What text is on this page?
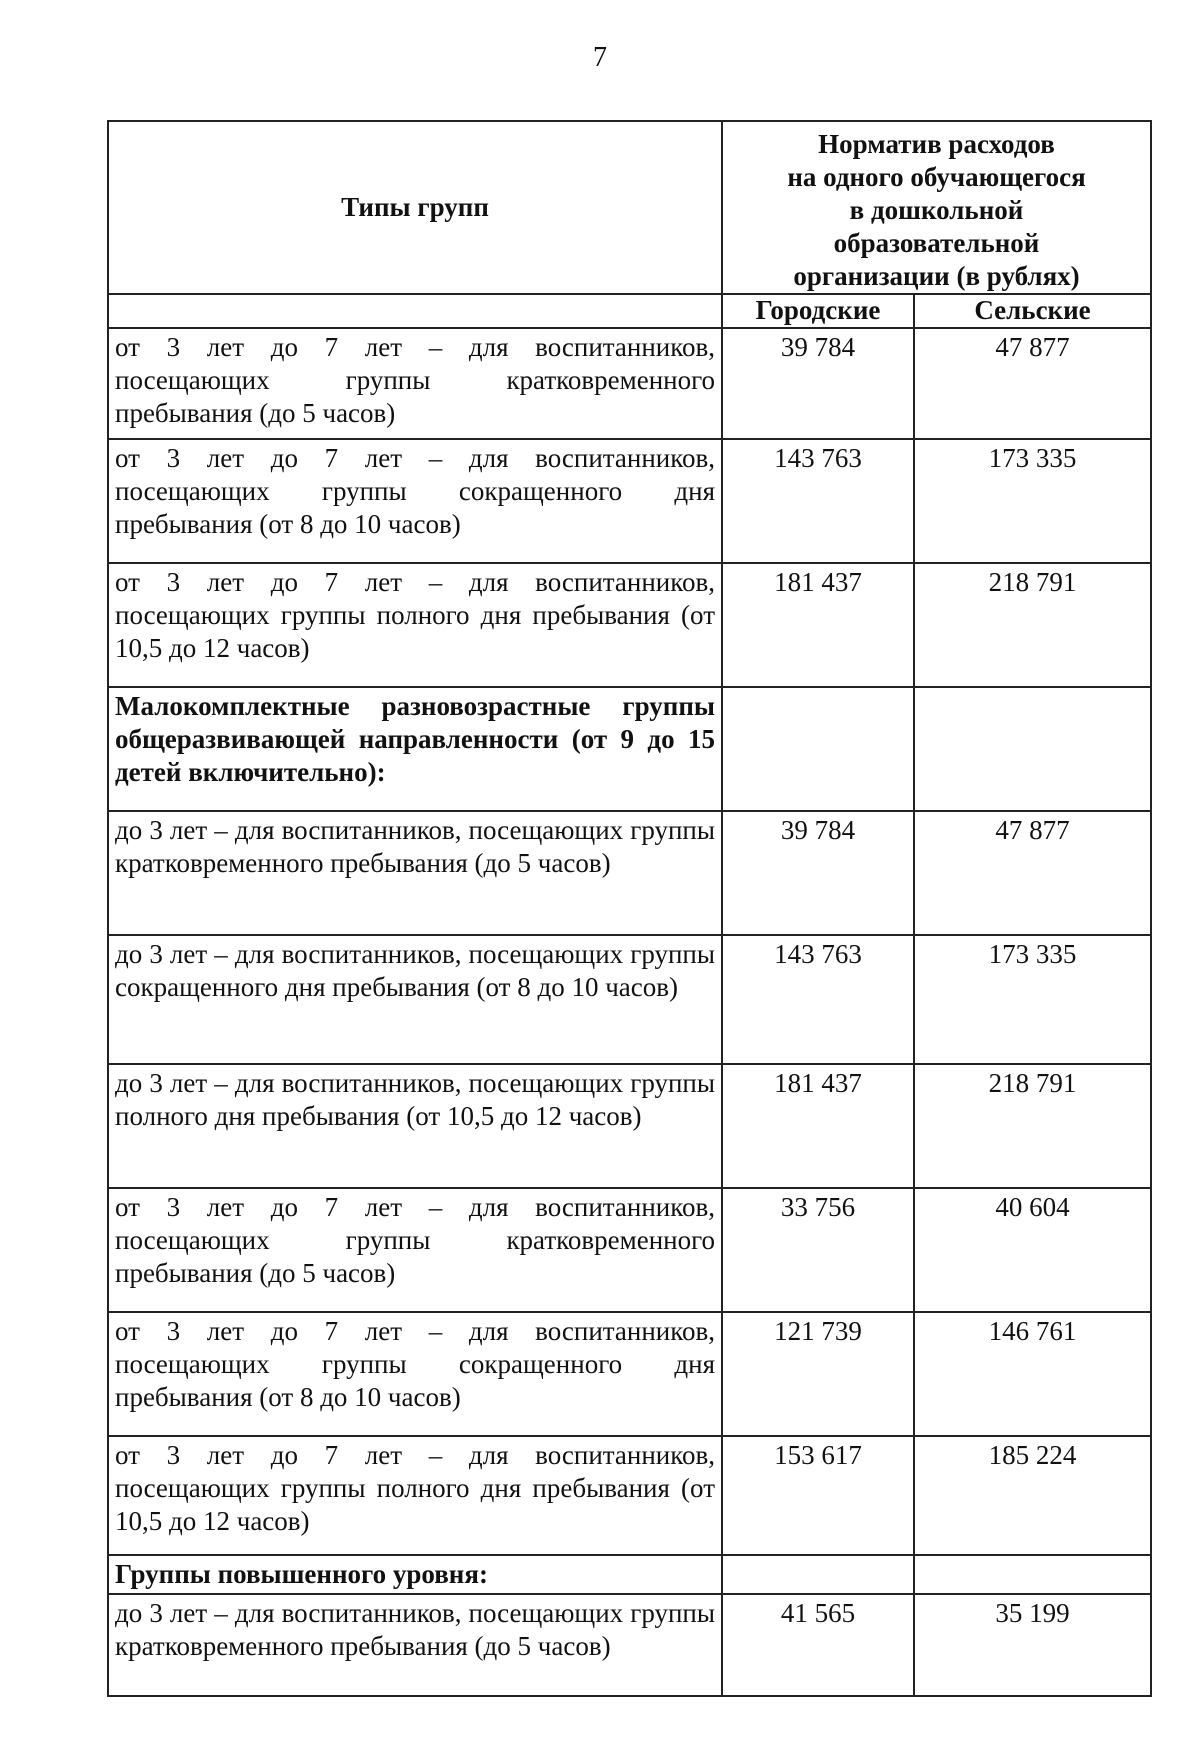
7
Типы групп	Норматив расходов
на одного обучающегося
в дошкольной
образовательной
организации (в рублях)	

	Городские	Сельские
от 3 лет до 7 лет – для воспитанников, посещающих группы кратковременного пребывания (до 5 часов)	39 784	47 877
от 3 лет до 7 лет – для воспитанников, посещающих группы сокращенного дня пребывания (от 8 до 10 часов)	143 763	173 335
от 3 лет до 7 лет – для воспитанников, посещающих группы полного дня пребывания (от 10,5 до 12 часов)	181 437	218 791
Малокомплектные разновозрастные группы общеразвивающей направленности (от 9 до 15 детей включительно):		
до 3 лет – для воспитанников, посещающих группы кратковременного пребывания (до 5 часов)	39 784	47 877
до 3 лет – для воспитанников, посещающих группы сокращенного дня пребывания (от 8 до 10 часов)	143 763	173 335
до 3 лет – для воспитанников, посещающих группы полного дня пребывания (от 10,5 до 12 часов)	181 437	218 791
от 3 лет до 7 лет – для воспитанников, посещающих группы кратковременного пребывания (до 5 часов)	33 756	40 604
от 3 лет до 7 лет – для воспитанников, посещающих группы сокращенного дня пребывания (от 8 до 10 часов)	121 739	146 761
от 3 лет до 7 лет – для воспитанников, посещающих группы полного дня пребывания (от 10,5 до 12 часов)	153 617	185 224
Группы повышенного уровня:		
до 3 лет – для воспитанников, посещающих группы кратковременного пребывания (до 5 часов)	41 565	35 199
